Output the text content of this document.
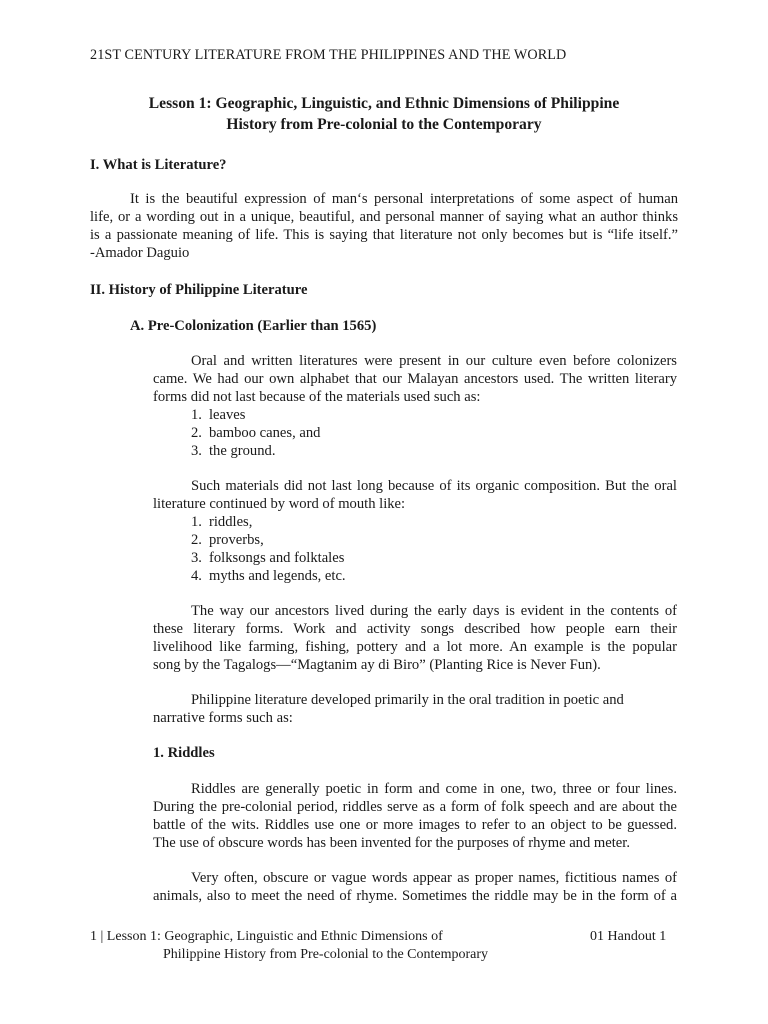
21ST CENTURY LITERATURE FROM THE PHILIPPINES AND THE WORLD
Lesson 1: Geographic, Linguistic, and Ethnic Dimensions of Philippine
History from Pre-colonial to the Contemporary
I. What is Literature?
It is the beautiful expression of man‘s personal interpretations of some aspect of human
life, or a wording out in a unique, beautiful, and personal manner of saying what an author thinks
is a passionate meaning of life. This is saying that literature not only becomes but is “life itself.”
-Amador Daguio
II. History of Philippine Literature
A. Pre-Colonization (Earlier than 1565)
Oral and written literatures were present in our culture even before colonizers
came. We had our own alphabet that our Malayan ancestors used. The written literary
forms did not last because of the materials used such as:
1. leaves
2. bamboo canes, and
3. the ground.
Such materials did not last long because of its organic composition. But the oral
literature continued by word of mouth like:
1. riddles,
2. proverbs,
3. folksongs and folktales
4. myths and legends, etc.
The way our ancestors lived during the early days is evident in the contents of
these literary forms. Work and activity songs described how people earn their
livelihood like farming, fishing, pottery and a lot more. An example is the popular
song by the Tagalogs—“Magtanim ay di Biro” (Planting Rice is Never Fun).
Philippine literature developed primarily in the oral tradition in poetic and
narrative forms such as:
1. Riddles
Riddles are generally poetic in form and come in one, two, three or four lines.
During the pre-colonial period, riddles serve as a form of folk speech and are about the
battle of the wits. Riddles use one or more images to refer to an object to be guessed.
The use of obscure words has been invented for the purposes of rhyme and meter.
Very often, obscure or vague words appear as proper names, fictitious names of
animals, also to meet the need of rhyme. Sometimes the riddle may be in the form of a
1 | Lesson 1: Geographic, Linguistic and Ethnic Dimensions of
Philippine History from Pre-colonial to the Contemporary
01 Handout 1
